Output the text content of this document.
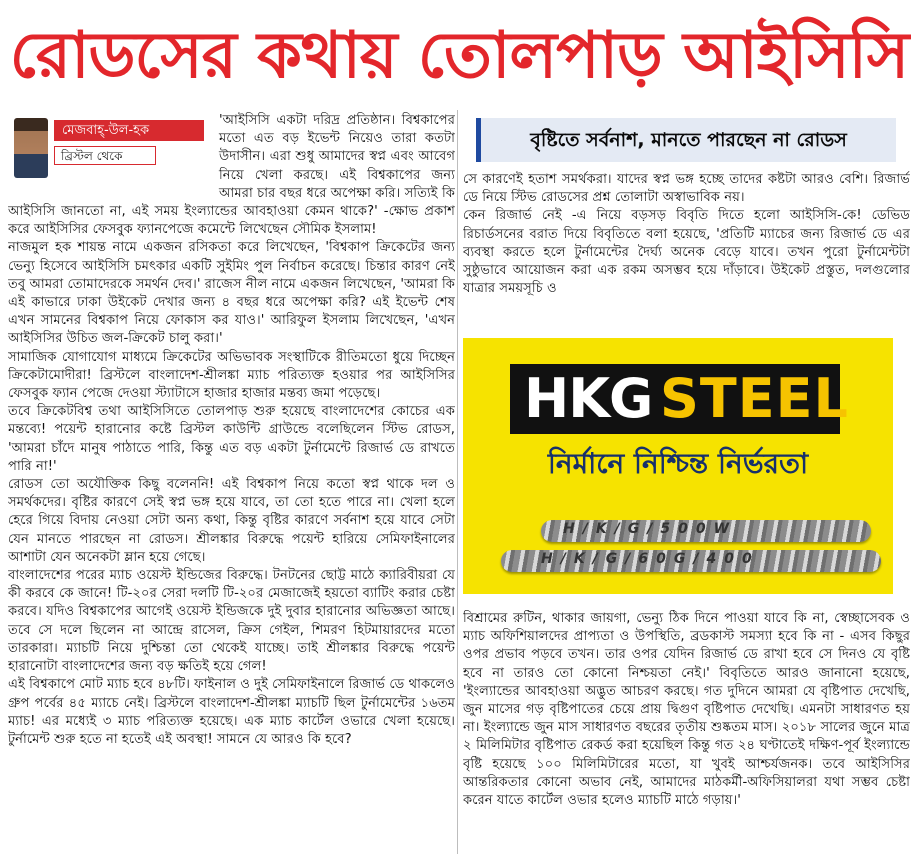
রোডসের কথায় তোলপাড় আইসিসি
মেজবাহ্-উল-হক
ব্রিস্টল থেকে

'আইসিসি একটা দরিদ্র প্রতিষ্ঠান। বিশ্বকাপের মতো এত বড় ইভেন্ট নিয়েও তারা কতটা উদাসীন। এরা শুধু আমাদের স্বপ্ন এবং আবেগ নিয়ে খেলা করছে। এই বিশ্বকাপের জন্য আমরা চার বছর ধরে অপেক্ষা করি। সত্যিই কি আইসিসি জানতো না, এই সময় ইংল্যান্ডের আবহাওয়া কেমন থাকে?' -ক্ষোভ প্রকাশ করে আইসিসির ফেসবুক ফ্যানপেজে কমেন্টে লিখেছেন সৌমিক ইসলাম!

নাজমুল হক শায়ন্ত নামে একজন রসিকতা করে লিখেছেন, 'বিশ্বকাপ ক্রিকেটের জন্য ভেন্যু হিসেবে আইসিসি চমৎকার একটি সুইমিং পুল নির্বাচন করেছে। চিন্তার কারণ নেই তবু আমরা তোমাদেরকে সমর্থন দেব।' রাজেস নীল নামে একজন লিখেছেন, 'আমরা কি এই কাভারে ঢাকা উইকেট দেখার জন্য ৪ বছর ধরে অপেক্ষা করি? এই ইভেন্ট শেষ এখন সামনের বিশ্বকাপ নিয়ে ফোকাস কর যাও।' আরিফুল ইসলাম লিখেছেন, 'এখন আইসিসির উচিত জল-ক্রিকেট চালু করা।'

সামাজিক যোগাযোগ মাধ্যমে ক্রিকেটের অভিভাবক সংস্থাটিকে রীতিমতো ধুয়ে দিচ্ছেন ক্রিকেটামোদীরা! ব্রিস্টলে বাংলাদেশ-শ্রীলঙ্কা ম্যাচ পরিত্যক্ত হওয়ার পর আইসিসির ফেসবুক ফ্যান পেজে দেওয়া স্ট্যাটাসে হাজার হাজার মন্তব্য জমা পড়েছে।

তবে ক্রিকেটবিশ্ব তথা আইসিসিতে তোলপাড় শুরু হয়েছে বাংলাদেশের কোচের এক মন্তব্যে! পয়েন্ট হারানোর কষ্টে ব্রিস্টল কাউন্টি গ্রাউন্ডে বলেছিলেন স্টিভ রোডস, 'আমরা চাঁদে মানুষ পাঠাতে পারি, কিন্তু এত বড় একটা টুর্নামেন্টে রিজার্ভ ডে রাখতে পারি না!'

রোডস তো অযৌক্তিক কিছু বলেননি! এই বিশ্বকাপ নিয়ে কতো স্বপ্ন থাকে দল ও সমর্থকদের। বৃষ্টির কারণে সেই স্বপ্ন ভঙ্গ হয়ে যাবে, তা তো হতে পারে না। খেলা হলে হেরে গিয়ে বিদায় নেওয়া সেটা অন্য কথা, কিন্তু বৃষ্টির কারণে সর্বনাশ হয়ে যাবে সেটা যেন মানতে পারছেন না রোডস। শ্রীলঙ্কার বিরুদ্ধে পয়েন্ট হারিয়ে সেমিফাইনালের আশাটা যেন অনেকটা ম্লান হয়ে গেছে।

বাংলাদেশের পরের ম্যাচ ওয়েস্ট ইন্ডিজের বিরুদ্ধে। টনটনের ছোট্ট মাঠে ক্যারিবীয়রা যে কী করবে কে জানে! টি-২০র সেরা দলটি টি-২০র মেজাজেই হয়তো ব্যাটিং করার চেষ্টা করবে। যদিও বিশ্বকাপের আগেই ওয়েস্ট ইন্ডিজকে দুই দুবার হারানোর অভিজ্ঞতা আছে। তবে সে দলে ছিলেন না আন্দ্রে রাসেল, ক্রিস গেইল, শিমরণ হিটমায়ারদের মতো তারকারা। ম্যাচটি নিয়ে দুশ্চিন্তা তো থেকেই যাচ্ছে। তাই শ্রীলঙ্কার বিরুদ্ধে পয়েন্ট হারানোটা বাংলাদেশের জন্য বড় ক্ষতিই হয়ে গেল!

এই বিশ্বকাপে মোট ম্যাচ হবে ৪৮টি। ফাইনাল ও দুই সেমিফাইনালে রিজার্ভ ডে থাকলেও গ্রুপ পর্বের ৪৫ ম্যাচে নেই। ব্রিস্টলে বাংলাদেশ-শ্রীলঙ্কা ম্যাচটি ছিল টুর্নামেন্টের ১৬তম ম্যাচ! এর মধ্যেই ৩ ম্যাচ পরিত্যক্ত হয়েছে। এক ম্যাচ কার্টেল ওভারে খেলা হয়েছে। টুর্নামেন্ট শুরু হতে না হতেই এই অবস্থা! সামনে যে আরও কি হবে?

বৃষ্টিতে সর্বনাশ, মানতে পারছেন না রোডস

সে কারণেই হতাশ সমর্থকরা। যাদের স্বপ্ন ভঙ্গ হচ্ছে তাদের কষ্টটা আরও বেশি। রিজার্ভ ডে নিয়ে স্টিভ রোডসের প্রশ্ন তোলাটা অস্বাভাবিক নয়।

কেন রিজার্ভ নেই -এ নিয়ে বড়সড় বিবৃতি দিতে হলো আইসিসি-কে! ডেভিড রিচার্ডসনের বরাত দিয়ে বিবৃতিতে বলা হয়েছে, 'প্রতিটি ম্যাচের জন্য রিজার্ভ ডে এর ব্যবস্থা করতে হলে টুর্নামেন্টের দৈর্ঘ্য অনেক বেড়ে যাবে। তখন পুরো টুর্নামেন্টটা সুষ্ঠুভাবে আয়োজন করা এক রকম অসম্ভব হয়ে দাঁড়াবে। উইকেট প্রস্তুত, দলগুলোর যাত্রার সময়সূচি ও

HKG STEEL
নির্মানে নিশ্চিন্ত নির্ভরতা
H/K/G/500W
H/K/G/60G/400

বিশ্রামের রুটিন, থাকার জায়গা, ভেন্যু ঠিক দিনে পাওয়া যাবে কি না, স্বেচ্ছাসেবক ও ম্যাচ অফিশিয়ালদের প্রাপ্যতা ও উপস্থিতি, ব্রডকাস্ট সমস্যা হবে কি না - এসব কিছুর ওপর প্রভাব পড়বে তখন। তার ওপর যেদিন রিজার্ভ ডে রাখা হবে সে দিনও যে বৃষ্টি হবে না তারও তো কোনো নিশ্চয়তা নেই।' বিবৃতিতে আরও জানানো হয়েছে, 'ইংল্যান্ডের আবহাওয়া অদ্ভুত আচরণ করছে। গত দুদিনে আমরা যে বৃষ্টিপাত দেখেছি, জুন মাসের গড় বৃষ্টিপাতের চেয়ে প্রায় দ্বিগুণ বৃষ্টিপাত দেখেছি। এমনটা সাধারণত হয় না। ইংল্যান্ডে জুন মাস সাধারণত বছরের তৃতীয় শুষ্কতম মাস। ২০১৮ সালের জুনে মাত্র ২ মিলিমিটার বৃষ্টিপাত রেকর্ড করা হয়েছিল কিন্তু গত ২৪ ঘণ্টাতেই দক্ষিণ-পূর্ব ইংল্যান্ডে বৃষ্টি হয়েছে ১০০ মিলিমিটারের মতো, যা খুবই আশ্চর্যজনক। তবে আইসিসির আন্তরিকতার কোনো অভাব নেই, আমাদের মাঠকর্মী-অফিসিয়ালরা যথা সম্ভব চেষ্টা করেন যাতে কার্টেল ওভার হলেও ম্যাচটি মাঠে গড়ায়।'
